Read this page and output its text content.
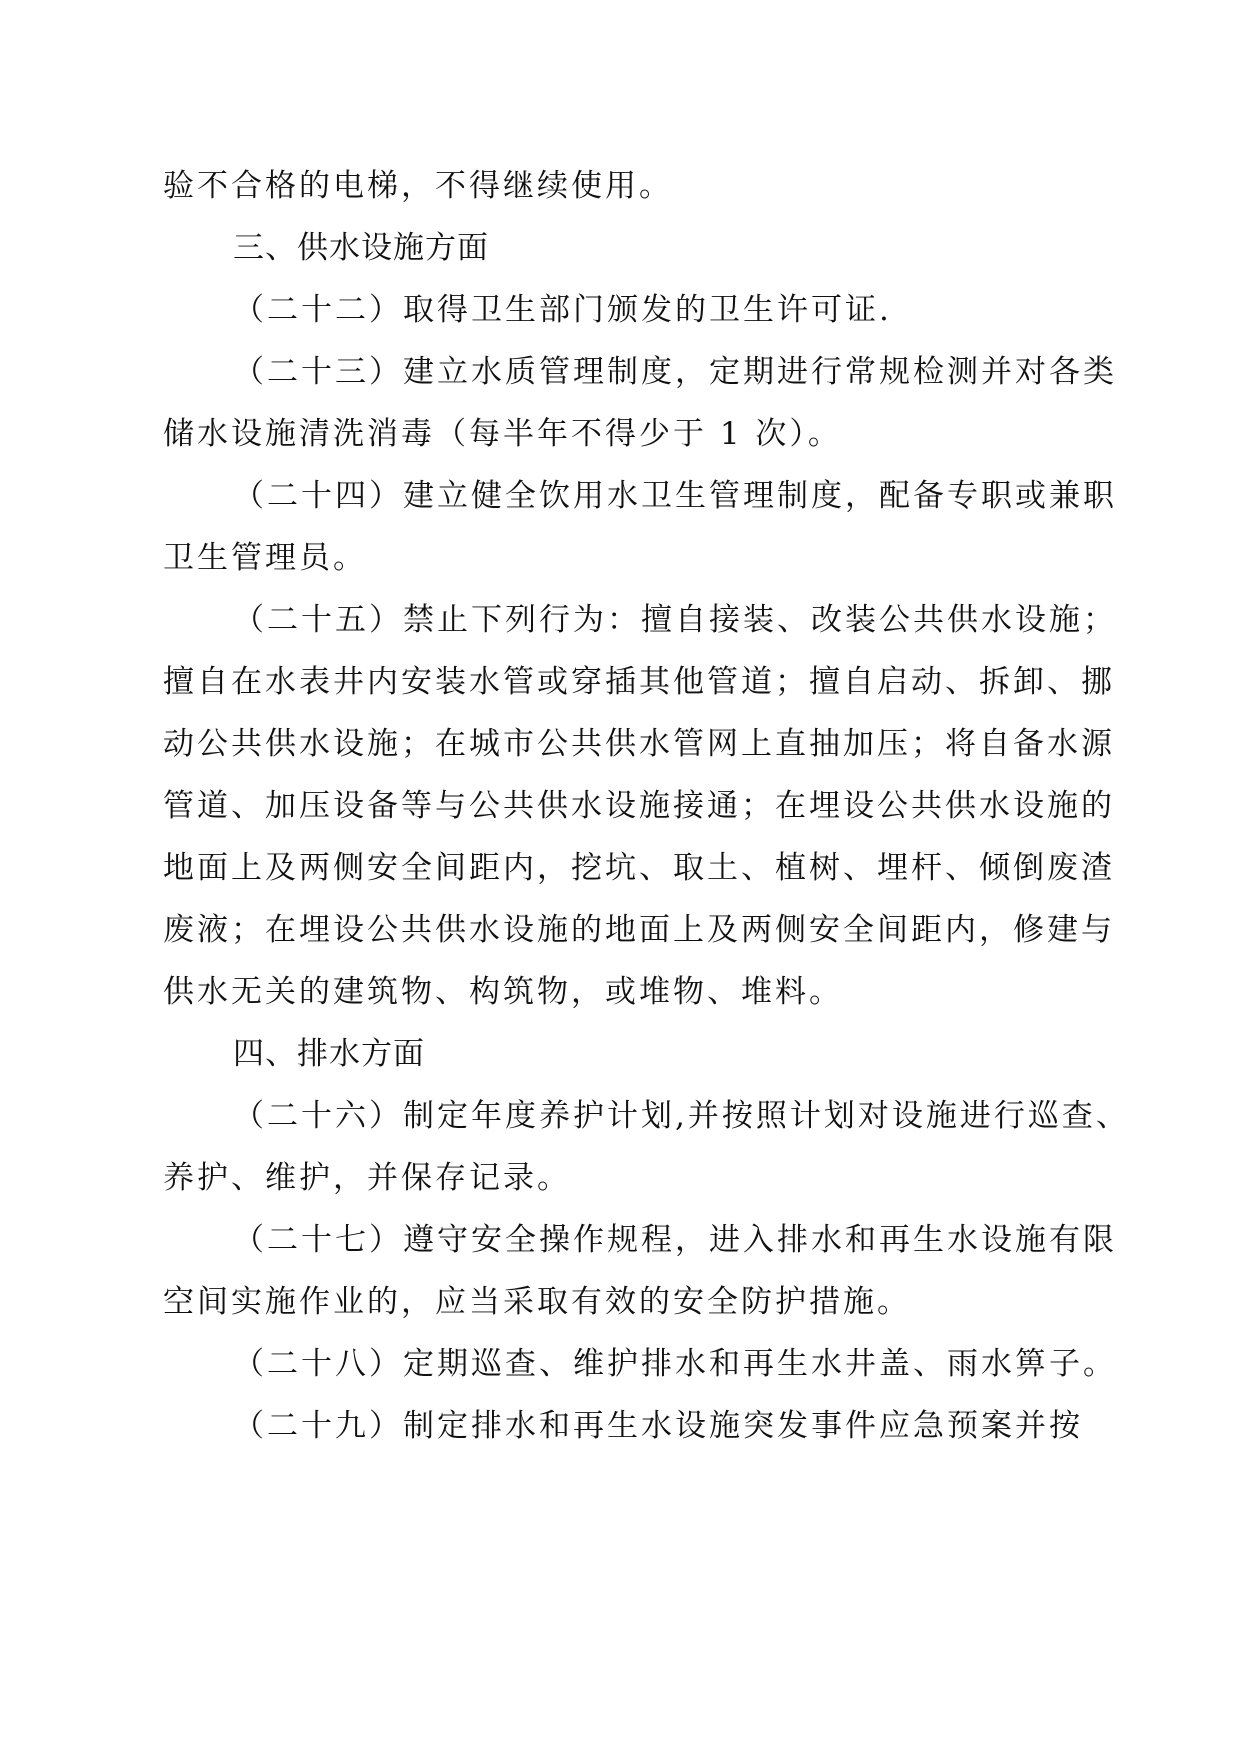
验不合格的电梯，不得继续使用。
三、供水设施方面
（二十二）取得卫生部门颁发的卫生许可证.
（二十三）建立水质管理制度，定期进行常规检测并对各类
储水设施清洗消毒（每半年不得少于 1 次）。
（二十四）建立健全饮用水卫生管理制度，配备专职或兼职
卫生管理员。
（二十五）禁止下列行为：擅自接装、改装公共供水设施；
擅自在水表井内安装水管或穿插其他管道；擅自启动、拆卸、挪
动公共供水设施；在城市公共供水管网上直抽加压；将自备水源
管道、加压设备等与公共供水设施接通；在埋设公共供水设施的
地面上及两侧安全间距内，挖坑、取土、植树、埋杆、倾倒废渣
废液；在埋设公共供水设施的地面上及两侧安全间距内，修建与
供水无关的建筑物、构筑物，或堆物、堆料。
四、排水方面
（二十六）制定年度养护计划,并按照计划对设施进行巡查、
养护、维护，并保存记录。
（二十七）遵守安全操作规程，进入排水和再生水设施有限
空间实施作业的，应当采取有效的安全防护措施。
（二十八）定期巡查、维护排水和再生水井盖、雨水箅子。
（二十九）制定排水和再生水设施突发事件应急预案并按
